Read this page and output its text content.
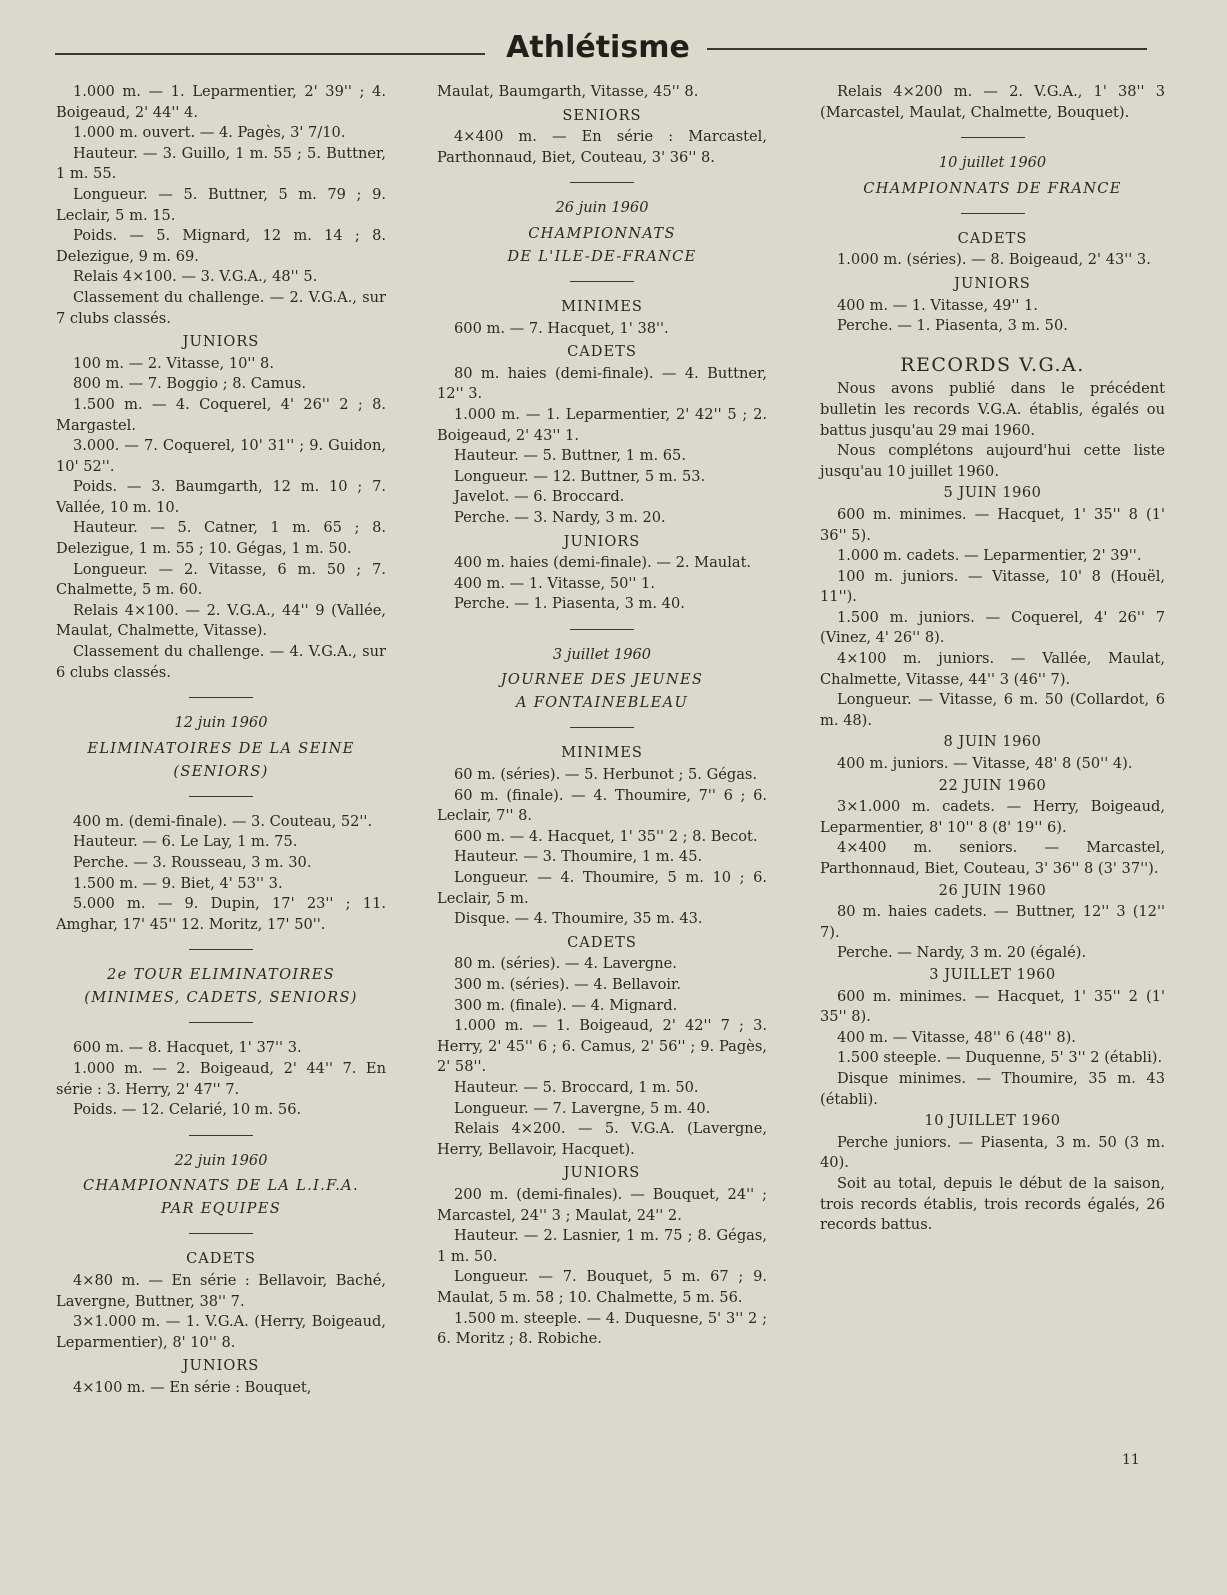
Athlétisme

1.000 m. — 1. Leparmentier, 2' 39'' ; 4. Boigeaud, 2' 44'' 4.

1.000 m. ouvert. — 4. Pagès, 3' 7/10.

Hauteur. — 3. Guillo, 1 m. 55 ; 5. Buttner, 1 m. 55.

Longueur. — 5. Buttner, 5 m. 79 ; 9. Leclair, 5 m. 15.

Poids. — 5. Mignard, 12 m. 14 ; 8. Delezigue, 9 m. 69.

Relais 4×100. — 3. V.G.A., 48'' 5.

Classement du challenge. — 2. V.G.A., sur 7 clubs classés.

JUNIORS

100 m. — 2. Vitasse, 10'' 8.

800 m. — 7. Boggio ; 8. Camus.

1.500 m. — 4. Coquerel, 4' 26'' 2 ; 8. Margastel.

3.000. — 7. Coquerel, 10' 31'' ; 9. Guidon, 10' 52''.

Poids. — 3. Baumgarth, 12 m. 10 ; 7. Vallée, 10 m. 10.

Hauteur. — 5. Catner, 1 m. 65 ; 8. Delezigue, 1 m. 55 ; 10. Gégas, 1 m. 50.

Longueur. — 2. Vitasse, 6 m. 50 ; 7. Chalmette, 5 m. 60.

Relais 4×100. — 2. V.G.A., 44'' 9 (Vallée, Maulat, Chalmette, Vitasse).

Classement du challenge. — 4. V.G.A., sur 6 clubs classés.

12 juin 1960
ELIMINATOIRES DE LA SEINE
(SENIORS)

400 m. (demi-finale). — 3. Couteau, 52''.

Hauteur. — 6. Le Lay, 1 m. 75.

Perche. — 3. Rousseau, 3 m. 30.

1.500 m. — 9. Biet, 4' 53'' 3.

5.000 m. — 9. Dupin, 17' 23'' ; 11. Amghar, 17' 45'' 12. Moritz, 17' 50''.

2e TOUR ELIMINATOIRES
(MINIMES, CADETS, SENIORS)

600 m. — 8. Hacquet, 1' 37'' 3.

1.000 m. — 2. Boigeaud, 2' 44'' 7. En série : 3. Herry, 2' 47'' 7.

Poids. — 12. Celarié, 10 m. 56.

22 juin 1960
CHAMPIONNATS DE LA L.I.F.A.
PAR EQUIPES
CADETS

4×80 m. — En série : Bellavoir, Baché, Lavergne, Buttner, 38'' 7.

3×1.000 m. — 1. V.G.A. (Herry, Boigeaud, Leparmentier), 8' 10'' 8.

JUNIORS

4×100 m. — En série : Bouquet,

Maulat, Baumgarth, Vitasse, 45'' 8.

SENIORS

4×400 m. — En série : Marcastel, Parthonnaud, Biet, Couteau, 3' 36'' 8.

26 juin 1960
CHAMPIONNATS
DE L'ILE-DE-FRANCE
MINIMES

600 m. — 7. Hacquet, 1' 38''.

CADETS

80 m. haies (demi-finale). — 4. Buttner, 12'' 3.

1.000 m. — 1. Leparmentier, 2' 42'' 5 ; 2. Boigeaud, 2' 43'' 1.

Hauteur. — 5. Buttner, 1 m. 65.

Longueur. — 12. Buttner, 5 m. 53.

Javelot. — 6. Broccard.

Perche. — 3. Nardy, 3 m. 20.

JUNIORS

400 m. haies (demi-finale). — 2. Maulat.

400 m. — 1. Vitasse, 50'' 1.

Perche. — 1. Piasenta, 3 m. 40.

3 juillet 1960
JOURNEE DES JEUNES
A FONTAINEBLEAU
MINIMES

60 m. (séries). — 5. Herbunot ; 5. Gégas.

60 m. (finale). — 4. Thoumire, 7'' 6 ; 6. Leclair, 7'' 8.

600 m. — 4. Hacquet, 1' 35'' 2 ; 8. Becot.

Hauteur. — 3. Thoumire, 1 m. 45.

Longueur. — 4. Thoumire, 5 m. 10 ; 6. Leclair, 5 m.

Disque. — 4. Thoumire, 35 m. 43.

CADETS

80 m. (séries). — 4. Lavergne.

300 m. (séries). — 4. Bellavoir.

300 m. (finale). — 4. Mignard.

1.000 m. — 1. Boigeaud, 2' 42'' 7 ; 3. Herry, 2' 45'' 6 ; 6. Camus, 2' 56'' ; 9. Pagès, 2' 58''.

Hauteur. — 5. Broccard, 1 m. 50.

Longueur. — 7. Lavergne, 5 m. 40.

Relais 4×200. — 5. V.G.A. (Lavergne, Herry, Bellavoir, Hacquet).

JUNIORS

200 m. (demi-finales). — Bouquet, 24'' ; Marcastel, 24'' 3 ; Maulat, 24'' 2.

Hauteur. — 2. Lasnier, 1 m. 75 ; 8. Gégas, 1 m. 50.

Longueur. — 7. Bouquet, 5 m. 67 ; 9. Maulat, 5 m. 58 ; 10. Chalmette, 5 m. 56.

1.500 m. steeple. — 4. Duquesne, 5' 3'' 2 ; 6. Moritz ; 8. Robiche.

Relais 4×200 m. — 2. V.G.A., 1' 38'' 3 (Marcastel, Maulat, Chalmette, Bouquet).

10 juillet 1960
CHAMPIONNATS DE FRANCE
CADETS

1.000 m. (séries). — 8. Boigeaud, 2' 43'' 3.

JUNIORS

400 m. — 1. Vitasse, 49'' 1.

Perche. — 1. Piasenta, 3 m. 50.

RECORDS V.G.A.

Nous avons publié dans le précédent bulletin les records V.G.A. établis, égalés ou battus jusqu'au 29 mai 1960.

Nous complétons aujourd'hui cette liste jusqu'au 10 juillet 1960.

5 JUIN 1960

600 m. minimes. — Hacquet, 1' 35'' 8 (1' 36'' 5).

1.000 m. cadets. — Leparmentier, 2' 39''.

100 m. juniors. — Vitasse, 10' 8 (Houël, 11'').

1.500 m. juniors. — Coquerel, 4' 26'' 7 (Vinez, 4' 26'' 8).

4×100 m. juniors. — Vallée, Maulat, Chalmette, Vitasse, 44'' 3 (46'' 7).

Longueur. — Vitasse, 6 m. 50 (Collardot, 6 m. 48).

8 JUIN 1960

400 m. juniors. — Vitasse, 48' 8 (50'' 4).

22 JUIN 1960

3×1.000 m. cadets. — Herry, Boigeaud, Leparmentier, 8' 10'' 8 (8' 19'' 6).

4×400 m. seniors. — Marcastel, Parthonnaud, Biet, Couteau, 3' 36'' 8 (3' 37'').

26 JUIN 1960

80 m. haies cadets. — Buttner, 12'' 3 (12'' 7).

Perche. — Nardy, 3 m. 20 (égalé).

3 JUILLET 1960

600 m. minimes. — Hacquet, 1' 35'' 2 (1' 35'' 8).

400 m. — Vitasse, 48'' 6 (48'' 8).

1.500 steeple. — Duquenne, 5' 3'' 2 (établi).

Disque minimes. — Thoumire, 35 m. 43 (établi).

10 JUILLET 1960

Perche juniors. — Piasenta, 3 m. 50 (3 m. 40).

Soit au total, depuis le début de la saison, trois records établis, trois records égalés, 26 records battus.

11
